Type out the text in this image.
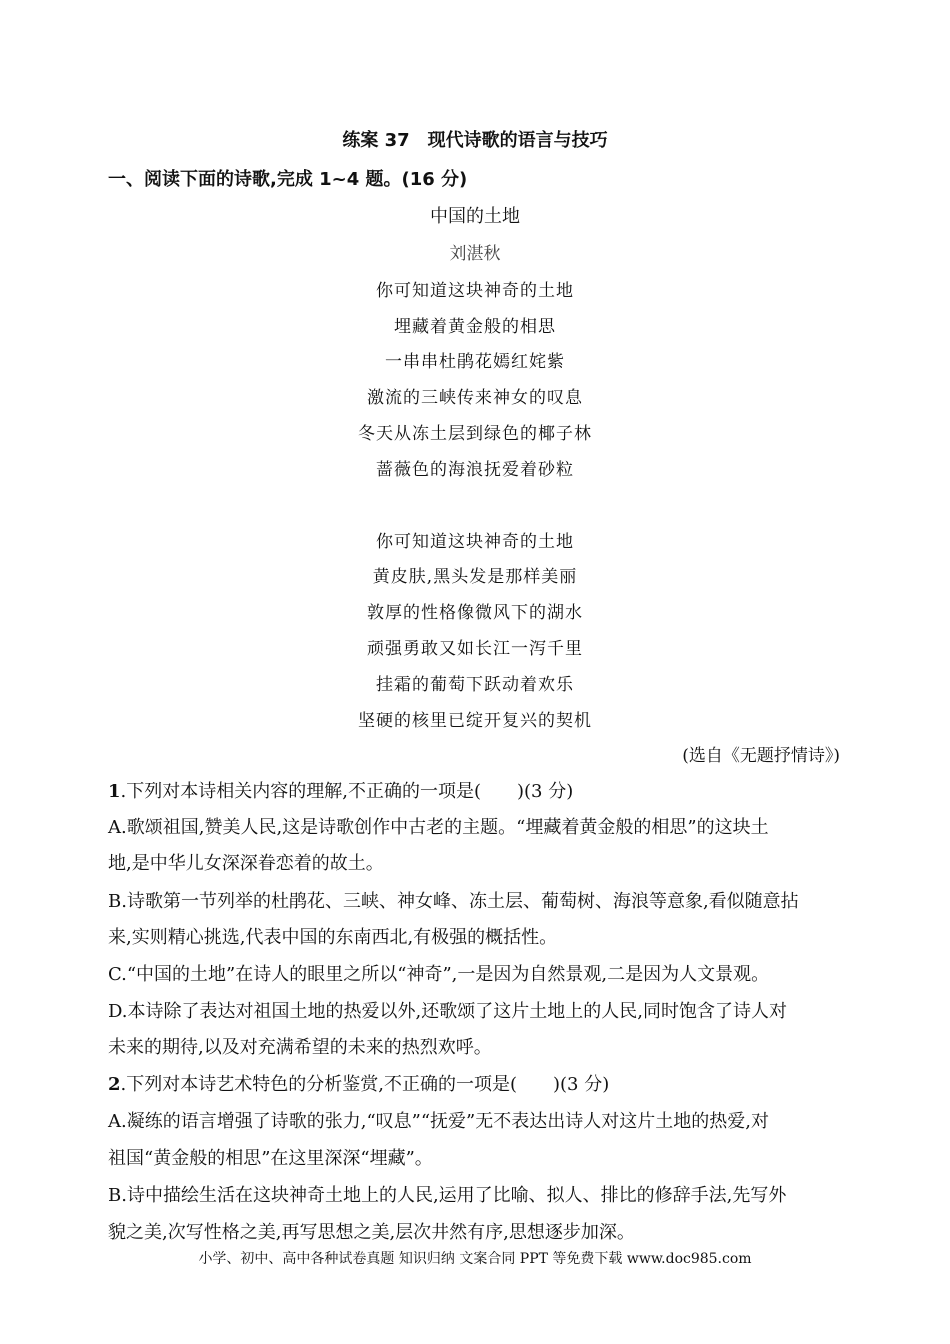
练案 37　现代诗歌的语言与技巧
一、阅读下面的诗歌,完成 1~4 题。(16 分)
中国的土地
刘湛秋
你可知道这块神奇的土地
埋藏着黄金般的相思
一串串杜鹃花嫣红姹紫
激流的三峡传来神女的叹息
冬天从冻土层到绿色的椰子林
蔷薇色的海浪抚爱着砂粒
你可知道这块神奇的土地
黄皮肤,黑头发是那样美丽
敦厚的性格像微风下的湖水
顽强勇敢又如长江一泻千里
挂霜的葡萄下跃动着欢乐
坚硬的核里已绽开复兴的契机
(选自《无题抒情诗》)
1.下列对本诗相关内容的理解,不正确的一项是( )(3 分)
A.歌颂祖国,赞美人民,这是诗歌创作中古老的主题。“埋藏着黄金般的相思”的这块土
地,是中华儿女深深眷恋着的故土。
B.诗歌第一节列举的杜鹃花、三峡、神女峰、冻土层、葡萄树、海浪等意象,看似随意拈
来,实则精心挑选,代表中国的东南西北,有极强的概括性。
C.“中国的土地”在诗人的眼里之所以“神奇”,一是因为自然景观,二是因为人文景观。
D.本诗除了表达对祖国土地的热爱以外,还歌颂了这片土地上的人民,同时饱含了诗人对
未来的期待,以及对充满希望的未来的热烈欢呼。
2.下列对本诗艺术特色的分析鉴赏,不正确的一项是( )(3 分)
A.凝练的语言增强了诗歌的张力,“叹息”“抚爱”无不表达出诗人对这片土地的热爱,对
祖国“黄金般的相思”在这里深深“埋藏”。
B.诗中描绘生活在这块神奇土地上的人民,运用了比喻、拟人、排比的修辞手法,先写外
貌之美,次写性格之美,再写思想之美,层次井然有序,思想逐步加深。
小学、初中、高中各种试卷真题 知识归纳 文案合同 PPT 等免费下载 www.doc985.com
